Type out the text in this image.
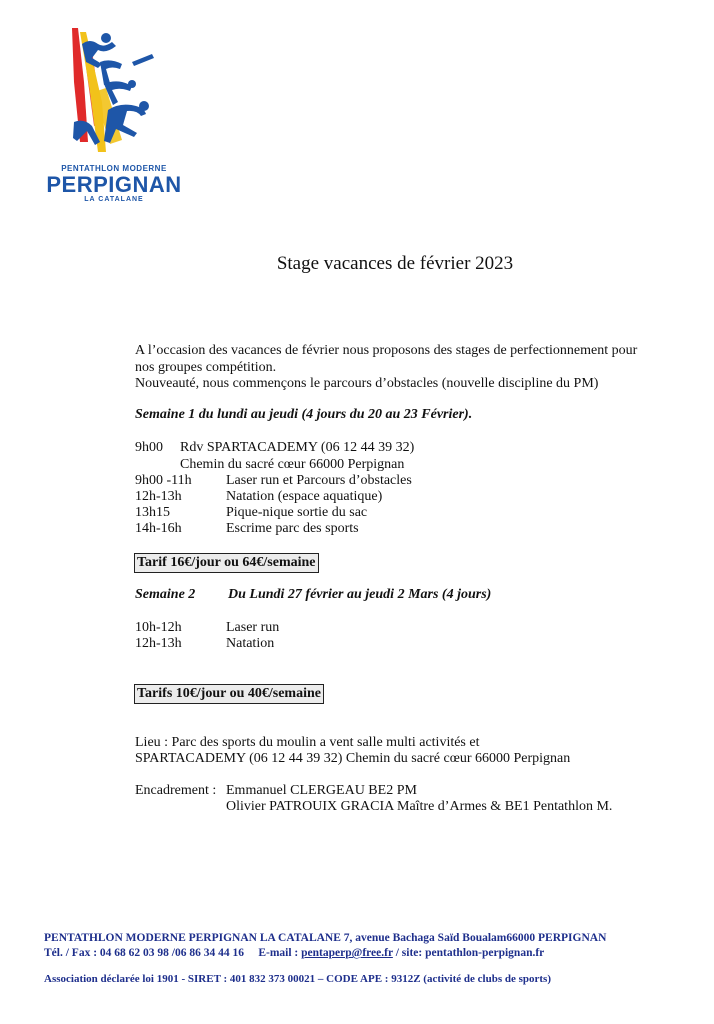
PENTATHLON MODERNE
PERPIGNAN
LA CATALANE
Stage vacances de février 2023
A l’occasion des vacances de février nous proposons des stages de perfectionnement pour
nos groupes compétition.
Nouveauté, nous commençons le parcours d’obstacles (nouvelle discipline du PM)
Semaine 1 du lundi au jeudi (4 jours du 20 au 23 Février).
9h00 Rdv SPARTACADEMY (06 12 44 39 32)
Chemin du sacré cœur 66000 Perpignan
9h00 -11h Laser run et Parcours d’obstacles
12h-13h	Natation (espace aquatique)
13h15	Pique-nique sortie du sac
14h-16h	Escrime parc des sports
Tarif 16€/jour ou 64€/semaine
Semaine 2 Du Lundi 27 février au jeudi 2 Mars (4 jours)
10h-12h	Laser run
12h-13h	Natation
Tarifs 10€/jour ou 40€/semaine
Lieu : Parc des sports du moulin a vent salle multi activités et
SPARTACADEMY (06 12 44 39 32) Chemin du sacré cœur 66000 Perpignan
Encadrement : Emmanuel CLERGEAU BE2 PM
Olivier PATROUIX GRACIA Maître d’Armes & BE1 Pentathlon M.
PENTATHLON MODERNE PERPIGNAN LA CATALANE 7, avenue Bachaga Saïd Boualam66000 PERPIGNAN
Tél. / Fax : 04 68 62 03 98 /06 86 34 44 16     E-mail : pentaperp@free.fr / site: pentathlon-perpignan.fr
Association déclarée loi 1901 - SIRET : 401 832 373 00021 – CODE APE : 9312Z (activité de clubs de sports)
